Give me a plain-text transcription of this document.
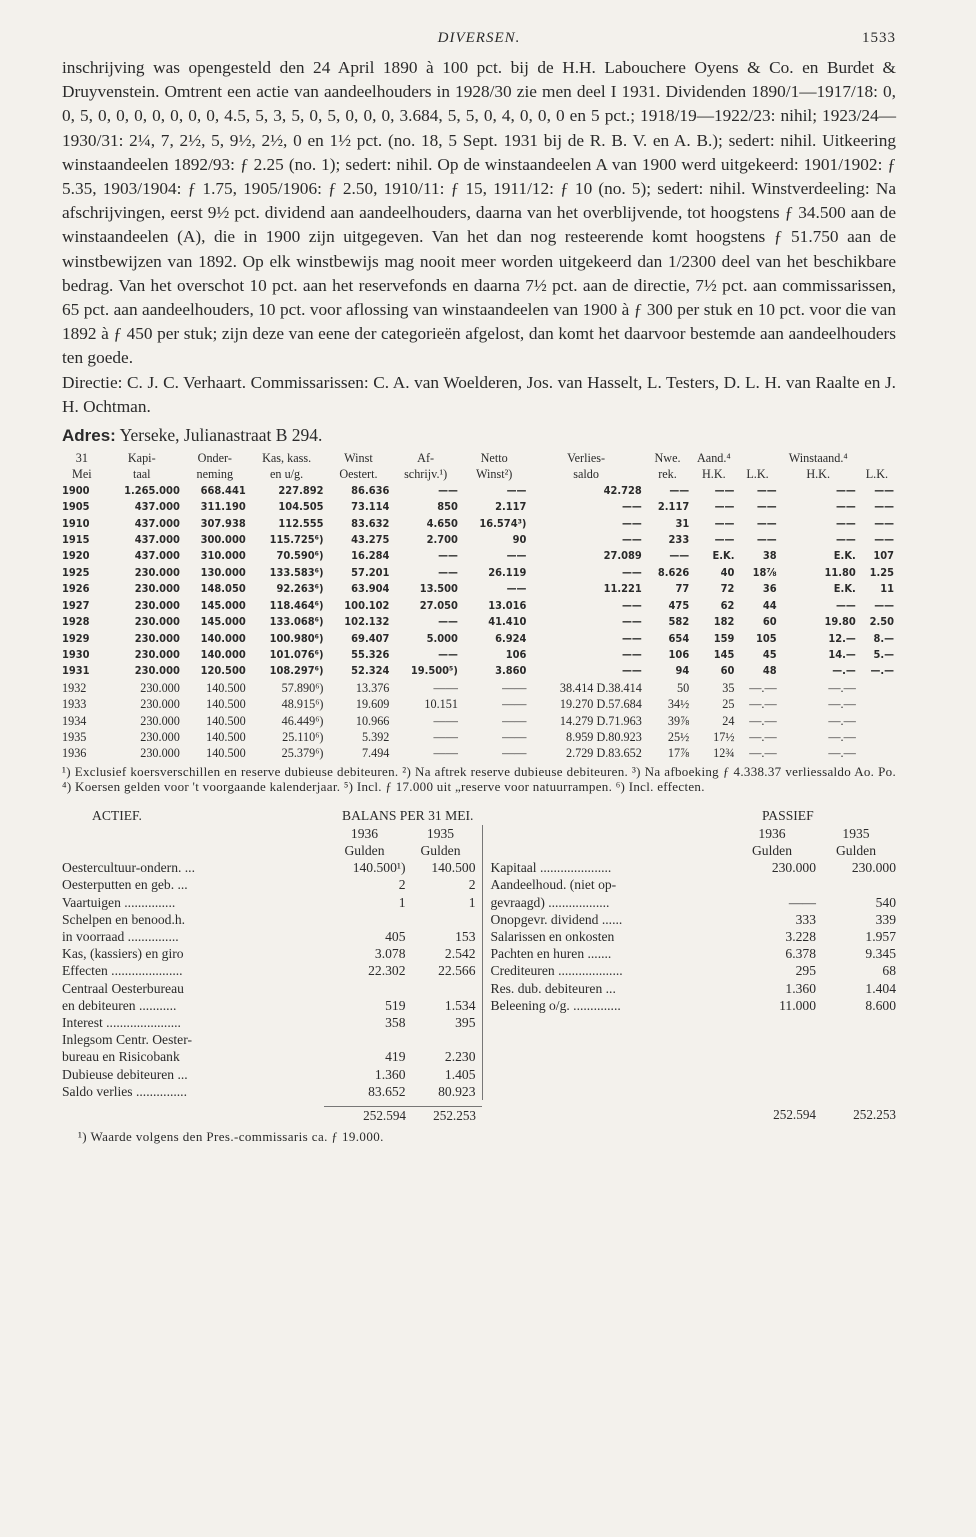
DIVERSEN.	1533

inschrijving was opengesteld den 24 April 1890 à 100 pct. bij de H.H. Labouchere Oyens & Co. en Burdet & Druyvenstein. Omtrent een actie van aandeelhouders in 1928/30 zie men deel I 1931. Dividenden 1890/1—1917/18: 0, 0, 5, 0, 0, 0, 0, 0, 0, 0, 4.5, 5, 3, 5, 0, 5, 0, 0, 0, 3.684, 5, 5, 0, 4, 0, 0, 0 en 5 pct.; 1918/19—1922/23: nihil; 1923/24—1930/31: 2¼, 7, 2½, 5, 9½, 2½, 0 en 1½ pct. (no. 18, 5 Sept. 1931 bij de R. B. V. en A. B.); sedert: nihil. Uitkeering winstaandeelen 1892/93: ƒ 2.25 (no. 1); sedert: nihil. Op de winstaandeelen A van 1900 werd uitgekeerd: 1901/1902: ƒ 5.35, 1903/1904: ƒ 1.75, 1905/1906: ƒ 2.50, 1910/11: ƒ 15, 1911/12: ƒ 10 (no. 5); sedert: nihil. Winstverdeeling: Na afschrijvingen, eerst 9½ pct. dividend aan aandeelhouders, daarna van het overblijvende, tot hoogstens ƒ 34.500 aan de winstaandeelen (A), die in 1900 zijn uitgegeven. Van het dan nog resteerende komt hoogstens ƒ 51.750 aan de winstbewijzen van 1892. Op elk winstbewijs mag nooit meer worden uitgekeerd dan 1/2300 deel van het beschikbare bedrag. Van het overschot 10 pct. aan het reservefonds en daarna 7½ pct. aan de directie, 7½ pct. aan commissarissen, 65 pct. aan aandeelhouders, 10 pct. voor aflossing van winstaandeelen van 1900 à ƒ 300 per stuk en 10 pct. voor die van 1892 à ƒ 450 per stuk; zijn deze van eene der categorieën afgelost, dan komt het daarvoor bestemde aan aandeelhouders ten goede.

Directie: C. J. C. Verhaart. Commissarissen: C. A. van Woelderen, Jos. van Hasselt, L. Testers, D. L. H. van Raalte en J. H. Ochtman.

Adres: Yerseke, Julianastraat B 294.
31	Kapi-	Onder-	Kas, kass.	Winst	Af-	Netto	Verlies-	Nwe.	Aand.⁴		Winstaand.⁴	
Mei	taal	neming	en u/g.	Oestert.	schrijv.¹)	Winst²)	saldo	rek.	H.K.	L.K.	H.K.	L.K.
1900	1.265.000	668.441	227.892	86.636	——	——	42.728	——	——	——	——	——
1905	437.000	311.190	104.505	73.114	850	2.117	——	2.117	——	——	——	——
1910	437.000	307.938	112.555	83.632	4.650	16.574³)	——	31	——	——	——	——
1915	437.000	300.000	115.725⁶)	43.275	2.700	90	——	233	——	——	——	——
1920	437.000	310.000	70.590⁶)	16.284	——	——	27.089	——	E.K.	38	E.K.	107
1925	230.000	130.000	133.583⁶)	57.201	——	26.119	——	8.626	40	18⅞	11.80	1.25
1926	230.000	148.050	92.263⁶)	63.904	13.500	——	11.221	77	72	36	E.K.	11
1927	230.000	145.000	118.464⁶)	100.102	27.050	13.016	——	475	62	44	——	——
1928	230.000	145.000	133.068⁶)	102.132	——	41.410	——	582	182	60	19.80	2.50
1929	230.000	140.000	100.980⁶)	69.407	5.000	6.924	——	654	159	105	12.—	8.—
1930	230.000	140.000	101.076⁶)	55.326	——	106	——	106	145	45	14.—	5.—
1931	230.000	120.500	108.297⁶)	52.324	19.500⁵)	3.860	——	94	60	48	—.—	—.—
1932	230.000	140.500	57.890⁶)	13.376	——	——	38.414 D.38.414	50	35	—.—	—.—	
1933	230.000	140.500	48.915⁶)	19.609	10.151	——	19.270 D.57.684	34½	25	—.—	—.—	
1934	230.000	140.500	46.449⁶)	10.966	——	——	14.279 D.71.963	39⅞	24	—.—	—.—	
1935	230.000	140.500	25.110⁶)	5.392	——	——	8.959 D.80.923	25½	17½	—.—	—.—	
1936	230.000	140.500	25.379⁶)	7.494	——	——	2.729 D.83.652	17⅞	12¾	—.—	—.—	
¹) Exclusief koersverschillen en reserve dubieuse debiteuren. ²) Na aftrek reserve dubieuse debiteuren. ³) Na afboeking ƒ 4.338.37 verliessaldo Ao. Po. ⁴) Koersen gelden voor 't voorgaande kalenderjaar. ⁵) Incl. ƒ 17.000 uit „reserve voor natuurrampen. ⁶) Incl. effecten.
ACTIEF.	BALANS PER 31 MEI.	PASSIEF
1936	1935
Gulden	Gulden
Oestercultuur-ondern. ...	140.500¹)	140.500
Oesterputten en geb. ...	2	2
Vaartuigen ...............	1	1
Schelpen en benood.h.
in voorraad ...............	405	153
Kas, (kassiers) en giro	3.078	2.542
Effecten .....................	22.302	22.566
Centraal Oesterbureau
en debiteuren ...........	519	1.534
Interest ......................	358	395
Inlegsom Centr. Oester-
bureau en Risicobank	419	2.230
Dubieuse debiteuren ...	1.360	1.405
Saldo verlies ...............	83.652	80.923
1936	1935
Gulden	Gulden
Kapitaal .....................	230.000	230.000
Aandeelhoud. (niet op-
gevraagd) ..................	——	540
Onopgevr. dividend ......	333	339
Salarissen en onkosten	3.228	1.957
Pachten en huren .......	6.378	9.345
Crediteuren ...................	295	68
Res. dub. debiteuren ...	1.360	1.404
Beleening o/g. ..............	11.000	8.600
252.594	252.253	252.594	252.253
¹) Waarde volgens den Pres.-commissaris ca. ƒ 19.000.
